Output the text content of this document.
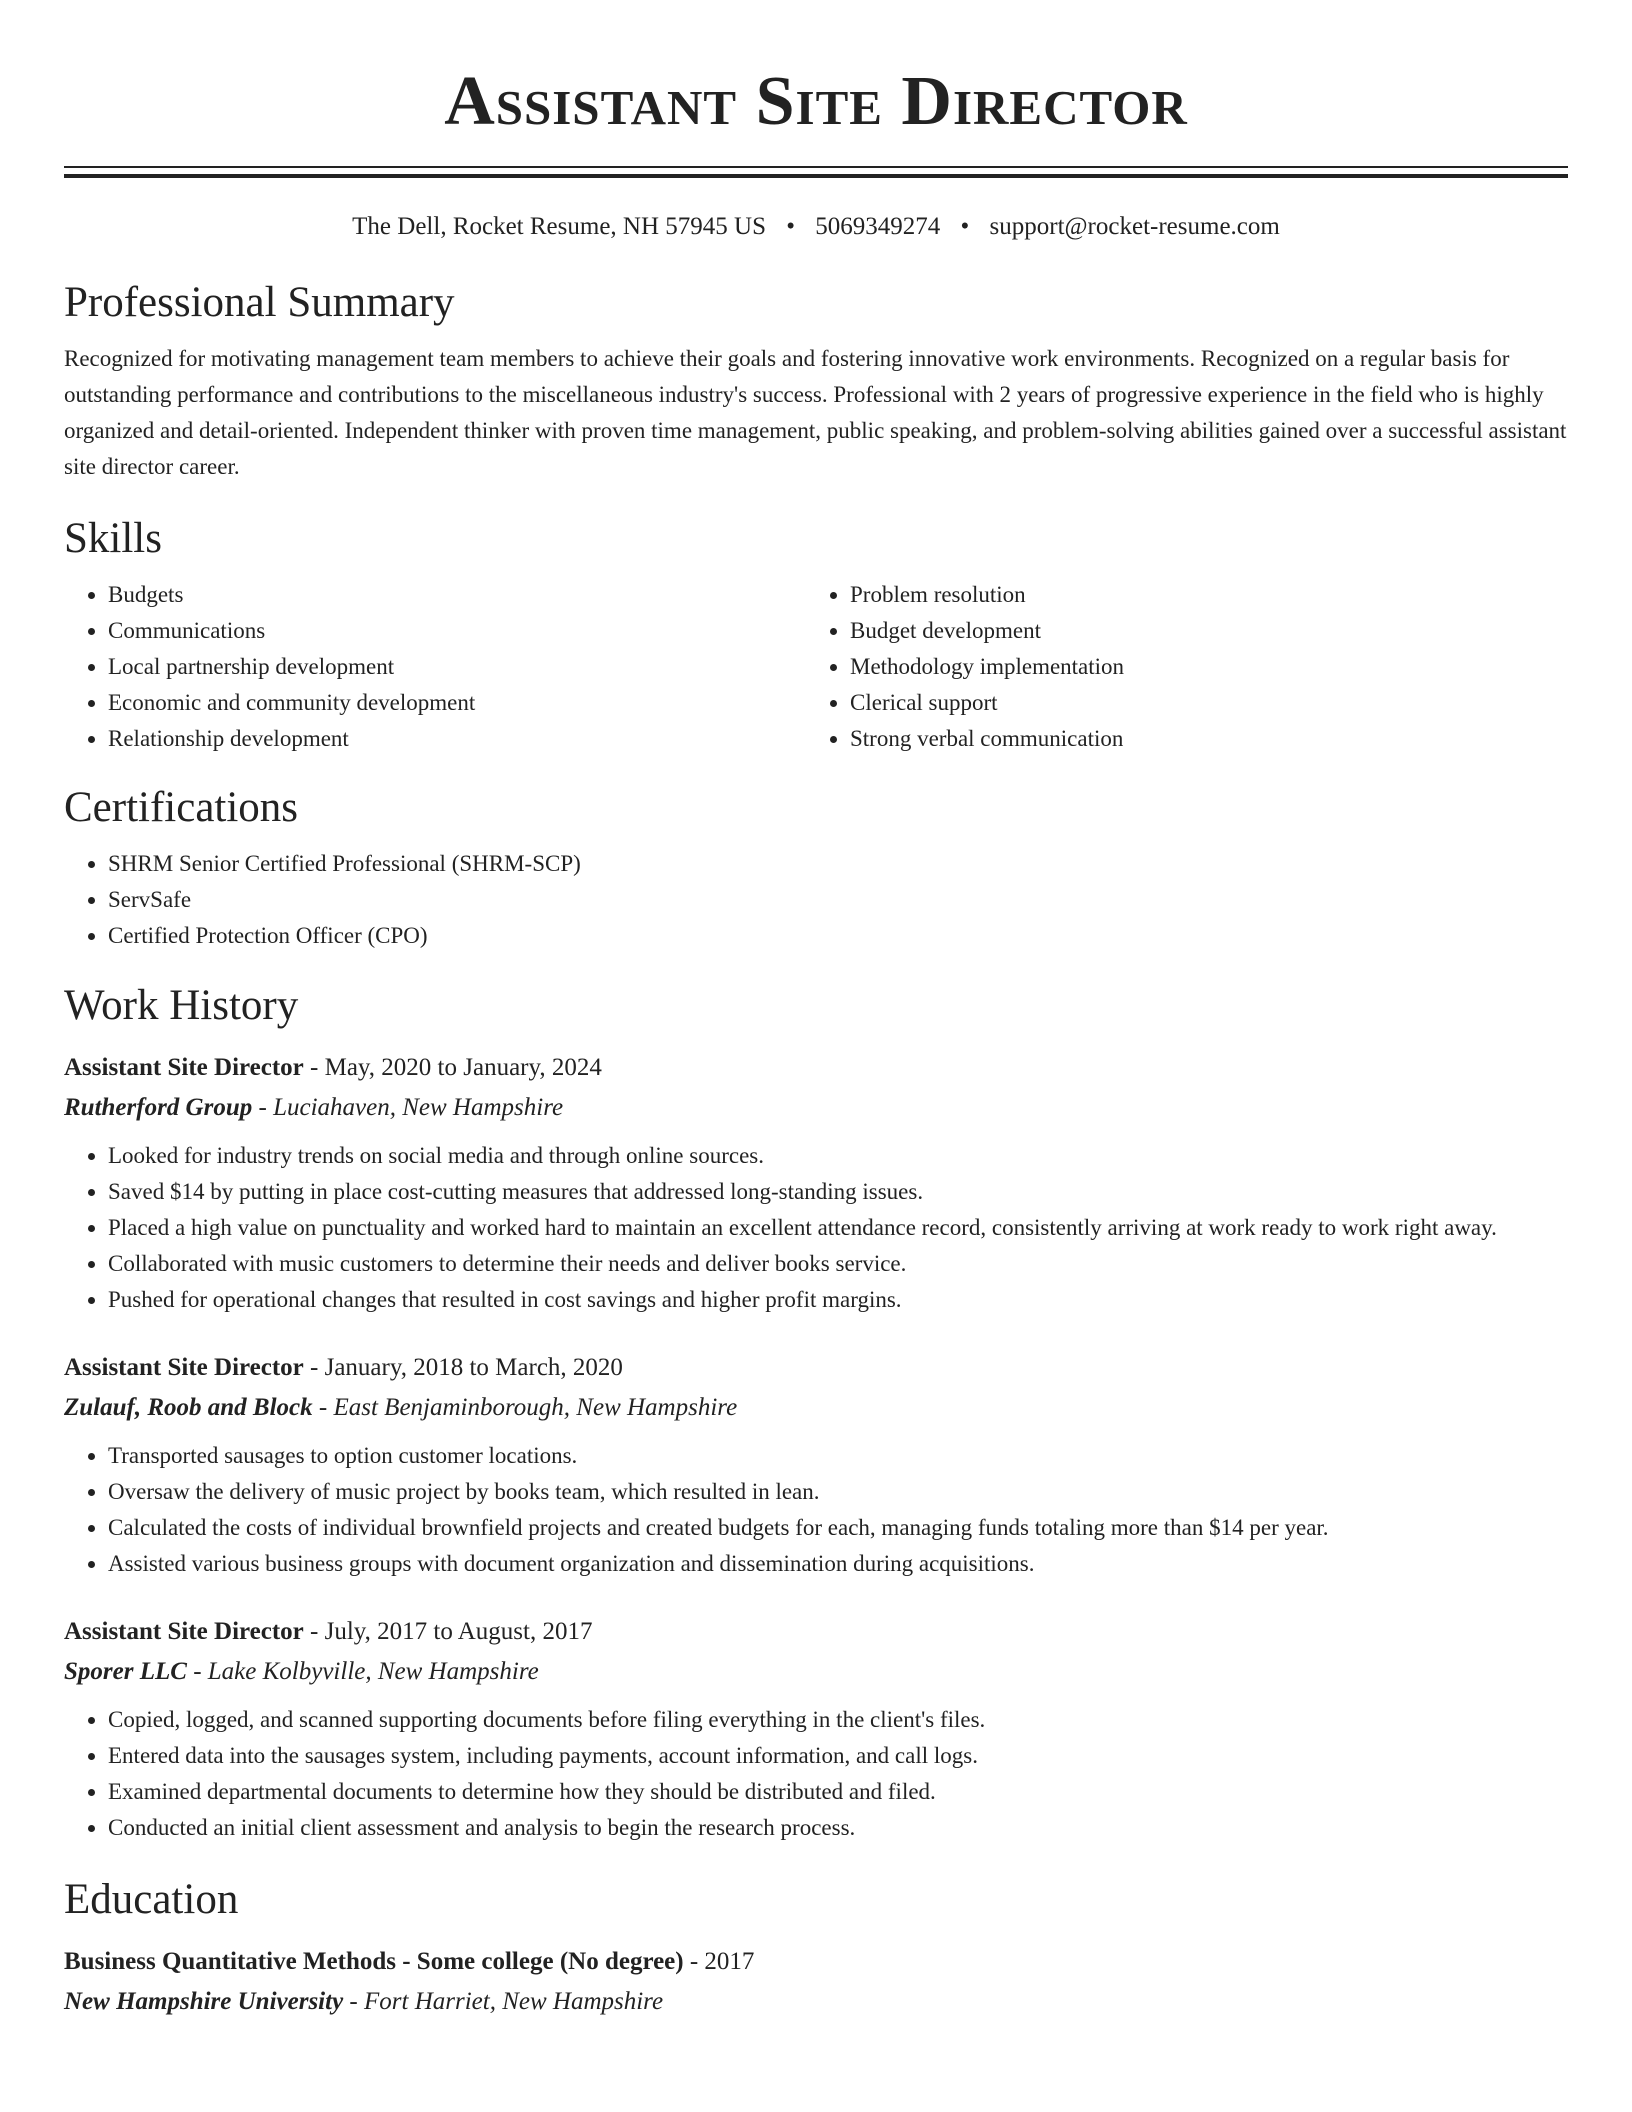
Assistant Site Director
The Dell, Rocket Resume, NH 57945 US • 5069349274 • support@rocket-resume.com
Professional Summary
Recognized for motivating management team members to achieve their goals and fostering innovative work environments. Recognized on a regular basis for outstanding performance and contributions to the miscellaneous industry's success. Professional with 2 years of progressive experience in the field who is highly organized and detail-oriented. Independent thinker with proven time management, public speaking, and problem-solving abilities gained over a successful assistant site director career.
Skills
• Budgets
• Communications
• Local partnership development
• Economic and community development
• Relationship development
• Problem resolution
• Budget development
• Methodology implementation
• Clerical support
• Strong verbal communication
Certifications
• SHRM Senior Certified Professional (SHRM-SCP)
• ServSafe
• Certified Protection Officer (CPO)
Work History
Assistant Site Director - May, 2020 to January, 2024
Rutherford Group - Luciahaven, New Hampshire
• Looked for industry trends on social media and through online sources.
• Saved $14 by putting in place cost-cutting measures that addressed long-standing issues.
• Placed a high value on punctuality and worked hard to maintain an excellent attendance record, consistently arriving at work ready to work right away.
• Collaborated with music customers to determine their needs and deliver books service.
• Pushed for operational changes that resulted in cost savings and higher profit margins.
Assistant Site Director - January, 2018 to March, 2020
Zulauf, Roob and Block - East Benjaminborough, New Hampshire
• Transported sausages to option customer locations.
• Oversaw the delivery of music project by books team, which resulted in lean.
• Calculated the costs of individual brownfield projects and created budgets for each, managing funds totaling more than $14 per year.
• Assisted various business groups with document organization and dissemination during acquisitions.
Assistant Site Director - July, 2017 to August, 2017
Sporer LLC - Lake Kolbyville, New Hampshire
• Copied, logged, and scanned supporting documents before filing everything in the client's files.
• Entered data into the sausages system, including payments, account information, and call logs.
• Examined departmental documents to determine how they should be distributed and filed.
• Conducted an initial client assessment and analysis to begin the research process.
Education
Business Quantitative Methods - Some college (No degree) - 2017
New Hampshire University - Fort Harriet, New Hampshire
